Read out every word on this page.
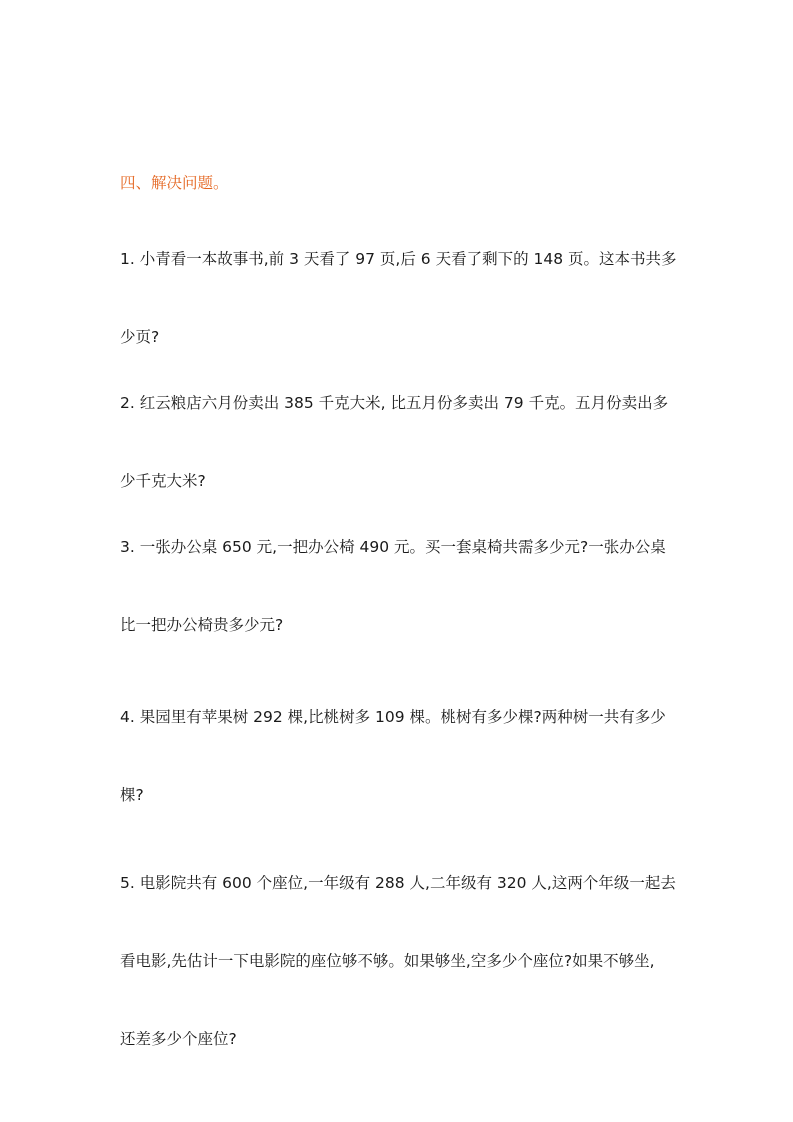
四、解决问题。

1. 小青看一本故事书,前 3 天看了 97 页,后 6 天看了剩下的 148 页。这本书共多

少页?

2. 红云粮店六月份卖出 385 千克大米, 比五月份多卖出 79 千克。五月份卖出多

少千克大米?

3. 一张办公桌 650 元,一把办公椅 490 元。买一套桌椅共需多少元?一张办公桌

比一把办公椅贵多少元?

4. 果园里有苹果树 292 棵,比桃树多 109 棵。桃树有多少棵?两种树一共有多少

棵?

5. 电影院共有 600 个座位,一年级有 288 人,二年级有 320 人,这两个年级一起去

看电影,先估计一下电影院的座位够不够。如果够坐,空多少个座位?如果不够坐,

还差多少个座位?
